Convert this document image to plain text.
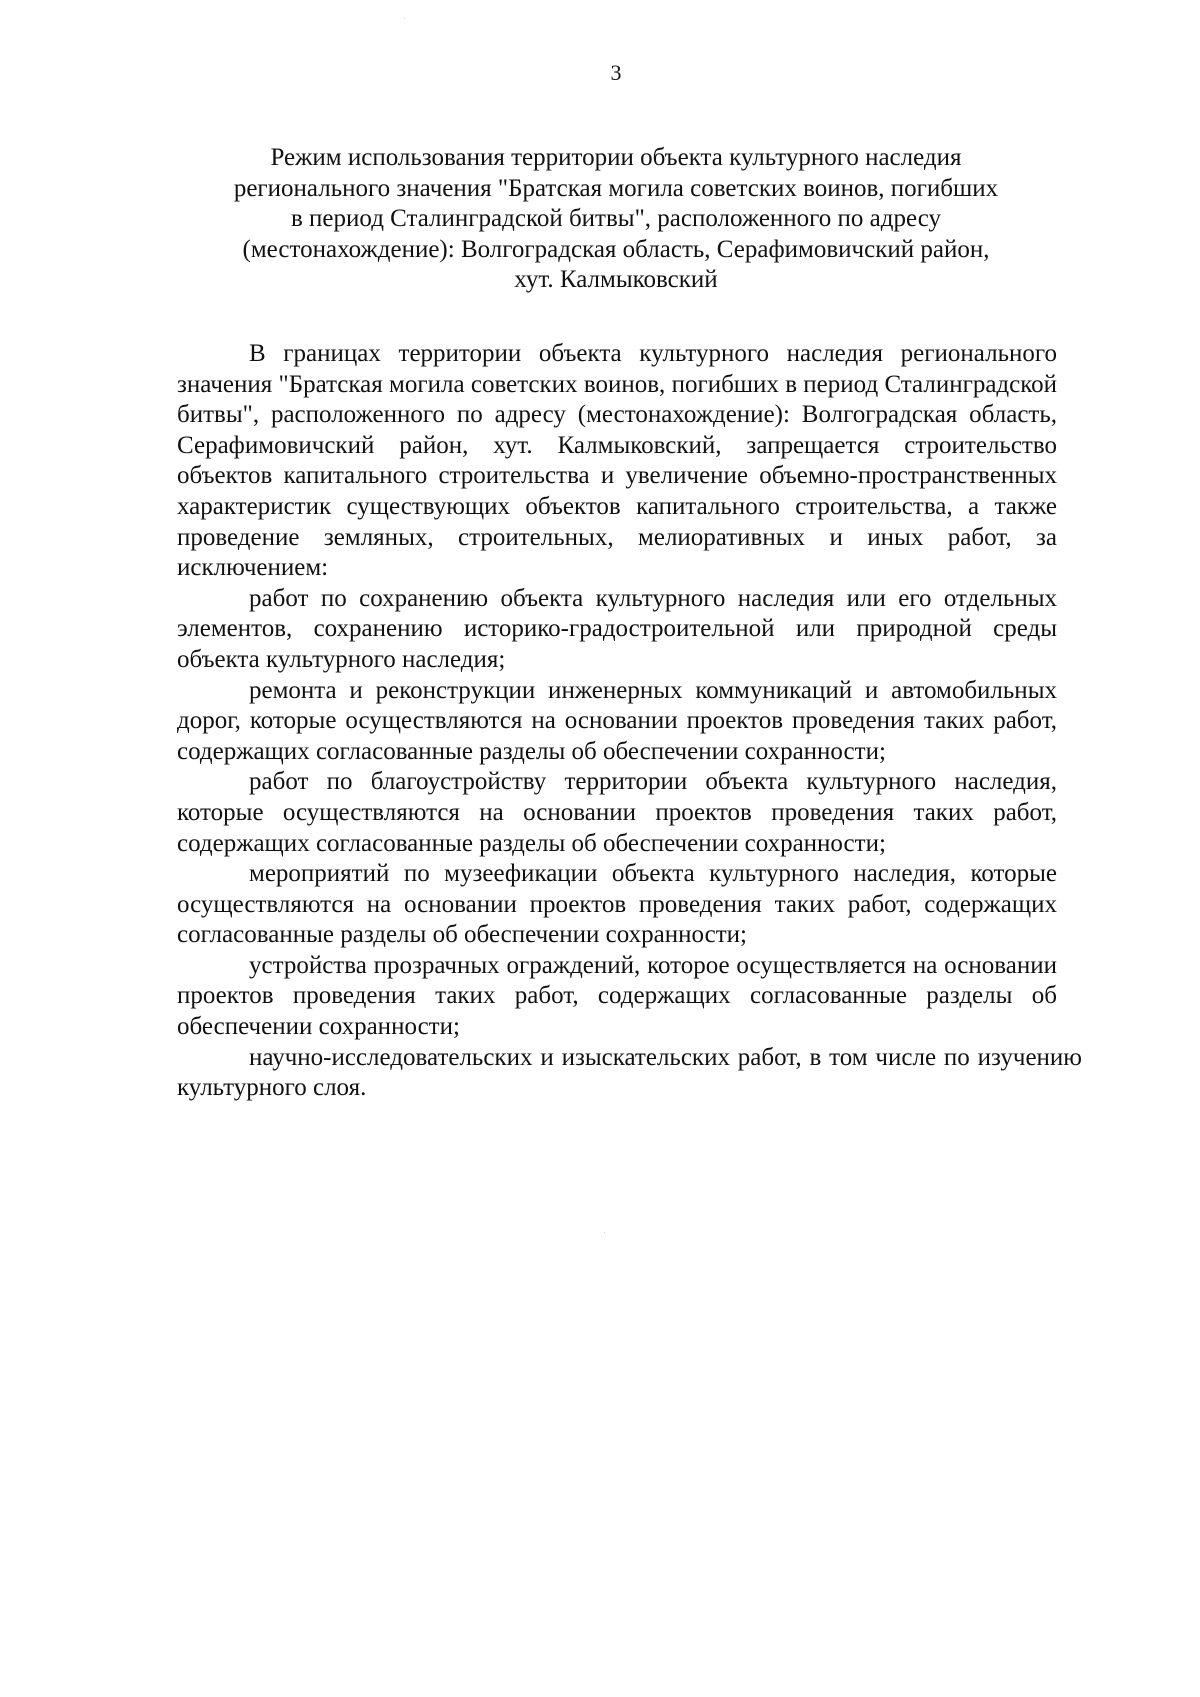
3
Режим использования территории объекта культурного наследия
регионального значения "Братская могила советских воинов, погибших
в период Сталинградской битвы", расположенного по адресу
(местонахождение): Волгоградская область, Серафимовичский район,
хут. Калмыковский

В границах территории объекта культурного наследия регионального значения "Братская могила советских воинов, погибших в период Сталинградской битвы", расположенного по адресу (местонахождение): Волгоградская область, Серафимовичский район, хут. Калмыковский, запрещается строительство объектов капитального строительства и увеличение объемно-пространственных характеристик существующих объектов капитального строительства, а также проведение земляных, строительных, мелиоративных и иных работ, за исключением:

работ по сохранению объекта культурного наследия или его отдельных элементов, сохранению историко-градостроительной или природной среды объекта культурного наследия;

ремонта и реконструкции инженерных коммуникаций и автомобильных дорог, которые осуществляются на основании проектов проведения таких работ, содержащих согласованные разделы об обеспечении сохранности;

работ по благоустройству территории объекта культурного наследия, которые осуществляются на основании проектов проведения таких работ, содержащих согласованные разделы об обеспечении сохранности;

мероприятий по музеефикации объекта культурного наследия, которые осуществляются на основании проектов проведения таких работ, содержащих согласованные разделы об обеспечении сохранности;

устройства прозрачных ограждений, которое осуществляется на основании проектов проведения таких работ, содержащих согласованные разделы об обеспечении сохранности;

научно-исследовательских и изыскательских работ, в том числе по изучению культурного слоя.
